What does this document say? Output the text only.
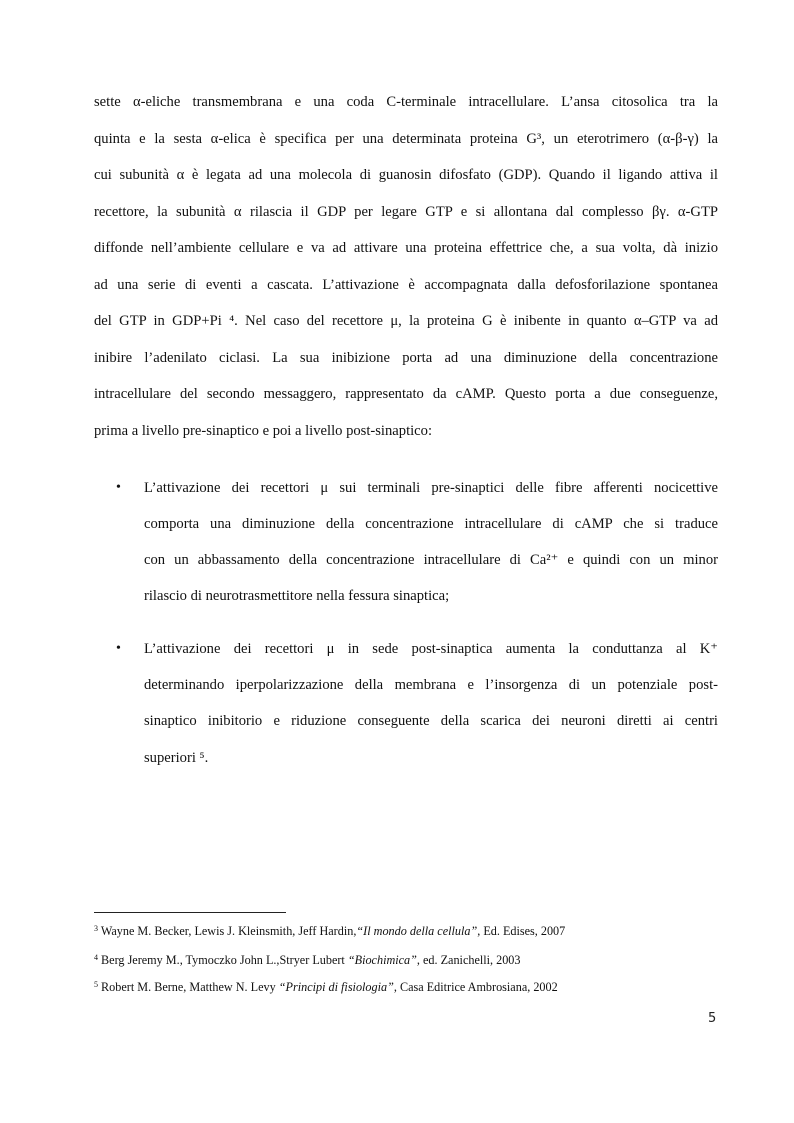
sette α-eliche transmembrana e una coda C-terminale intracellulare. L’ansa citosolica tra la
quinta e la sesta α-elica è specifica per una determinata proteina G³, un eterotrimero (α-β-γ) la
cui subunità α è legata ad una molecola di guanosin difosfato (GDP). Quando il ligando attiva il
recettore, la subunità α rilascia il GDP per legare GTP e si allontana dal complesso βγ. α-GTP
diffonde nell’ambiente cellulare e va ad attivare una proteina effettrice che, a sua volta, dà inizio
ad una serie di eventi a cascata. L’attivazione è accompagnata dalla defosforilazione spontanea
del GTP in GDP+Pi ⁴. Nel caso del recettore μ, la proteina G è inibente in quanto α–GTP va ad
inibire l’adenilato ciclasi. La sua inibizione porta ad una diminuzione della concentrazione
intracellulare del secondo messaggero, rappresentato da cAMP. Questo porta a due conseguenze,
prima a livello pre-sinaptico e poi a livello post-sinaptico:
• L’attivazione dei recettori μ sui terminali pre-sinaptici delle fibre afferenti nocicettive
comporta una diminuzione della concentrazione intracellulare di cAMP che si traduce
con un abbassamento della concentrazione intracellulare di Ca²⁺ e quindi con un minor
rilascio di neurotrasmettitore nella fessura sinaptica;
• L’attivazione dei recettori μ in sede post-sinaptica aumenta la conduttanza al K⁺
determinando iperpolarizzazione della membrana e l’insorgenza di un potenziale post-
sinaptico inibitorio e riduzione conseguente della scarica dei neuroni diretti ai centri
superiori ⁵.
$^3$ Wayne M. Becker, Lewis J. Kleinsmith, Jeff Hardin,“Il mondo della cellula”, Ed. Edises, 2007
$^4$ Berg Jeremy M., Tymoczko John L.,Stryer Lubert “Biochimica”, ed. Zanichelli, 2003
$^5$ Robert M. Berne, Matthew N. Levy “Principi di fisiologia”, Casa Editrice Ambrosiana, 2002
5
